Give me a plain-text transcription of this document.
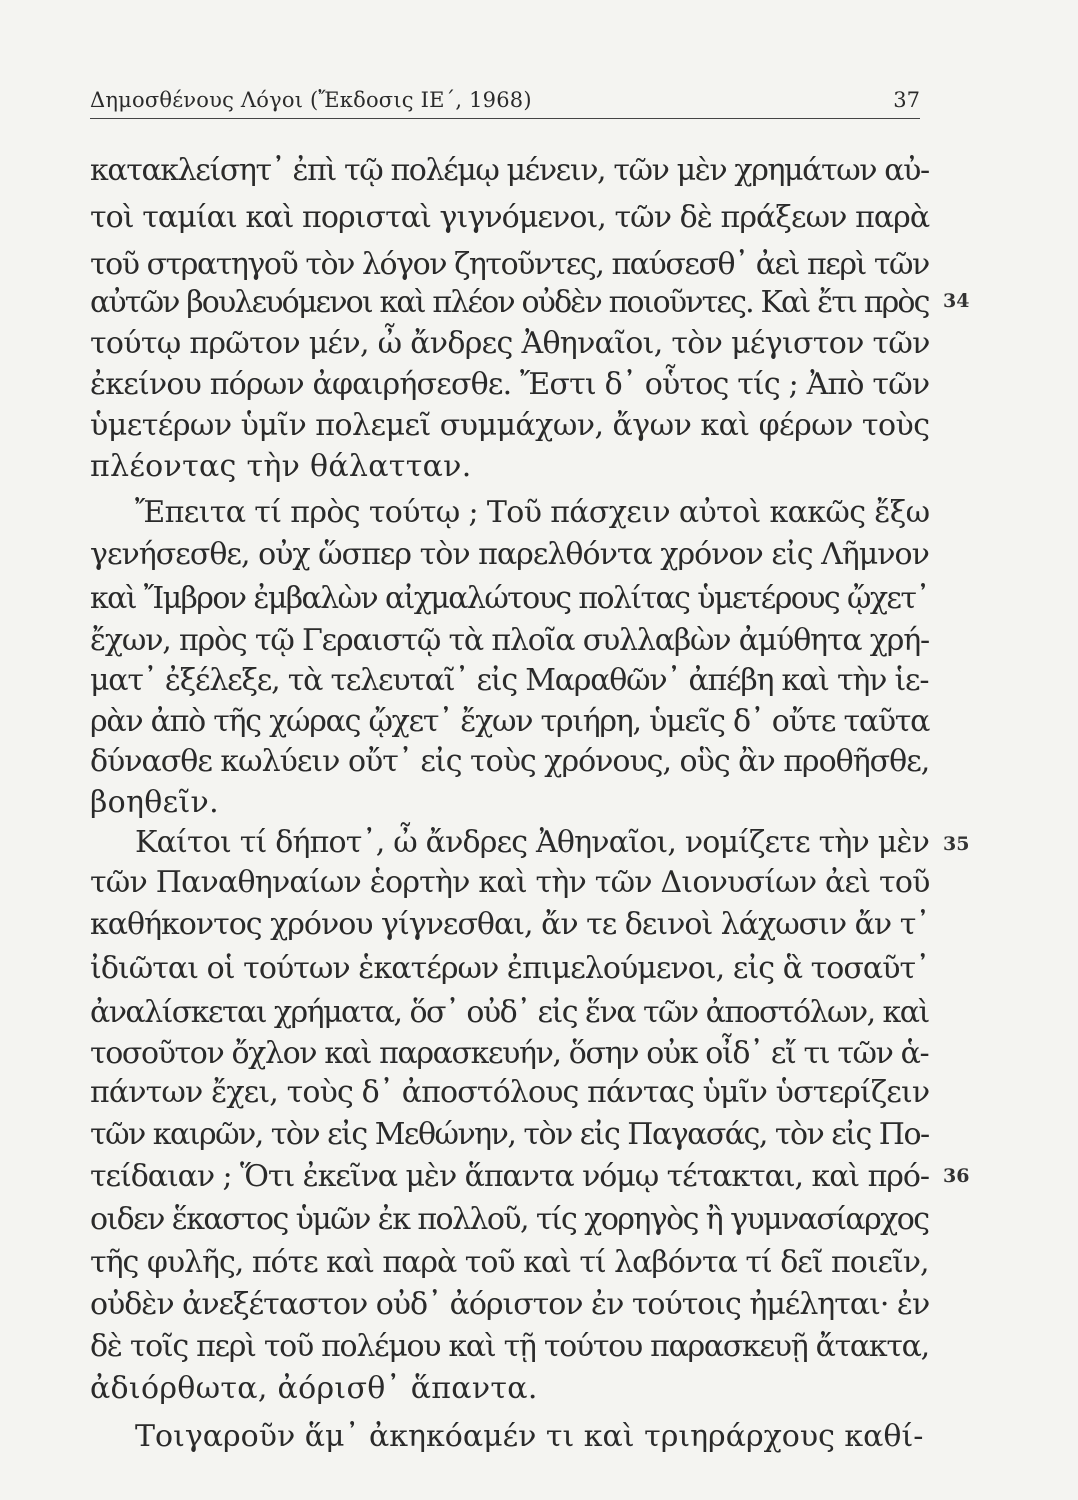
Δημοσθένους Λόγοι (Ἔκδοσις ΙΕ΄, 1968)	37
κατακλείσητ᾽ ἐπὶ τῷ πολέμῳ μένειν, τῶν μὲν χρημάτων αὐ-
τοὶ ταμίαι καὶ πορισταὶ γιγνόμενοι, τῶν δὲ πράξεων παρὰ
τοῦ στρατηγοῦ τὸν λόγον ζητοῦντες, παύσεσθ᾽ ἀεὶ περὶ τῶν
αὐτῶν βουλευόμενοι καὶ πλέον οὐδὲν ποιοῦντες. Καὶ ἔτι πρὸς
τούτῳ πρῶτον μέν, ὦ ἄνδρες Ἀθηναῖοι, τὸν μέγιστον τῶν
ἐκείνου πόρων ἀφαιρήσεσθε. Ἔστι δ᾽ οὗτος τίς ; Ἀπὸ τῶν
ὑμετέρων ὑμῖν πολεμεῖ συμμάχων, ἄγων καὶ φέρων τοὺς
πλέοντας τὴν θάλατταν.
Ἔπειτα τί πρὸς τούτῳ ; Τοῦ πάσχειν αὐτοὶ κακῶς ἔξω
γενήσεσθε, οὐχ ὥσπερ τὸν παρελθόντα χρόνον εἰς Λῆμνον
καὶ Ἴμβρον ἐμβαλὼν αἰχμαλώτους πολίτας ὑμετέρους ᾤχετ᾽
ἔχων, πρὸς τῷ Γεραιστῷ τὰ πλοῖα συλλαβὼν ἀμύθητα χρή-
ματ᾽ ἐξέλεξε, τὰ τελευταῖ᾽ εἰς Μαραθῶν᾽ ἀπέβη καὶ τὴν ἱε-
ρὰν ἀπὸ τῆς χώρας ᾤχετ᾽ ἔχων τριήρη, ὑμεῖς δ᾽ οὔτε ταῦτα
δύνασθε κωλύειν οὔτ᾽ εἰς τοὺς χρόνους, οὓς ἂν προθῆσθε,
βοηθεῖν.
Καίτοι τί δήποτ᾽, ὦ ἄνδρες Ἀθηναῖοι, νομίζετε τὴν μὲν
τῶν Παναθηναίων ἑορτὴν καὶ τὴν τῶν Διονυσίων ἀεὶ τοῦ
καθήκοντος χρόνου γίγνεσθαι, ἄν τε δεινοὶ λάχωσιν ἄν τ᾽
ἰδιῶται οἱ τούτων ἑκατέρων ἐπιμελούμενοι, εἰς ἃ τοσαῦτ᾽
ἀναλίσκεται χρήματα, ὅσ᾽ οὐδ᾽ εἰς ἕνα τῶν ἀποστόλων, καὶ
τοσοῦτον ὄχλον καὶ παρασκευήν, ὅσην οὐκ οἶδ᾽ εἴ τι τῶν ἁ-
πάντων ἔχει, τοὺς δ᾽ ἀποστόλους πάντας ὑμῖν ὑστερίζειν
τῶν καιρῶν, τὸν εἰς Μεθώνην, τὸν εἰς Παγασάς, τὸν εἰς Πο-
τείδαιαν ; Ὅτι ἐκεῖνα μὲν ἅπαντα νόμῳ τέτακται, καὶ πρό-
οιδεν ἕκαστος ὑμῶν ἐκ πολλοῦ, τίς χορηγὸς ἢ γυμνασίαρχος
τῆς φυλῆς, πότε καὶ παρὰ τοῦ καὶ τί λαβόντα τί δεῖ ποιεῖν,
οὐδὲν ἀνεξέταστον οὐδ᾽ ἀόριστον ἐν τούτοις ἠμέληται· ἐν
δὲ τοῖς περὶ τοῦ πολέμου καὶ τῇ τούτου παρασκευῇ ἄτακτα,
ἀδιόρθωτα, ἀόρισθ᾽ ἅπαντα.
Τοιγαροῦν ἅμ᾽ ἀκηκόαμέν τι καὶ τριηράρχους καθί-
34
35
36
